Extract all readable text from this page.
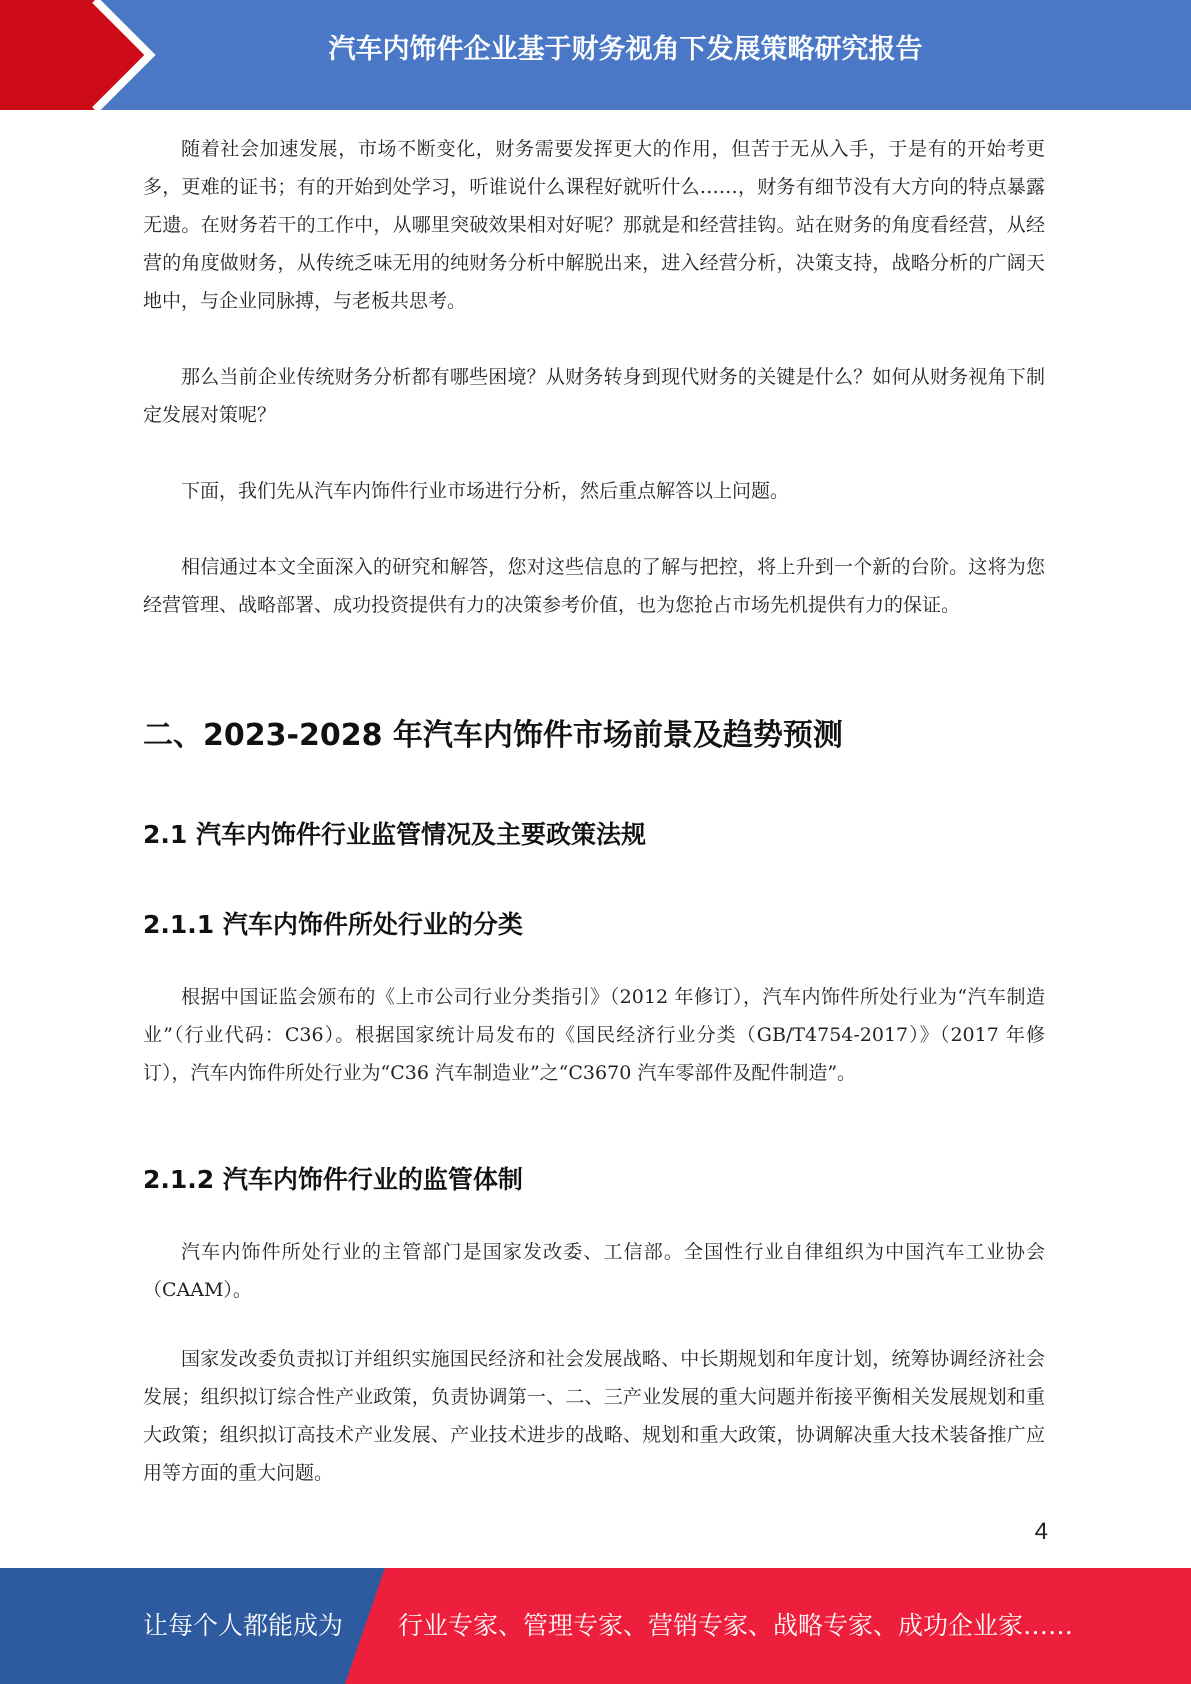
汽车内饰件企业基于财务视角下发展策略研究报告

随着社会加速发展，市场不断变化，财务需要发挥更大的作用，但苦于无从入手，于是有的开始考更多，更难的证书；有的开始到处学习，听谁说什么课程好就听什么……，财务有细节没有大方向的特点暴露无遗。在财务若干的工作中，从哪里突破效果相对好呢？那就是和经营挂钩。站在财务的角度看经营，从经营的角度做财务，从传统乏味无用的纯财务分析中解脱出来，进入经营分析，决策支持，战略分析的广阔天地中，与企业同脉搏，与老板共思考。

那么当前企业传统财务分析都有哪些困境？从财务转身到现代财务的关键是什么？如何从财务视角下制定发展对策呢？

下面，我们先从汽车内饰件行业市场进行分析，然后重点解答以上问题。

相信通过本文全面深入的研究和解答，您对这些信息的了解与把控，将上升到一个新的台阶。这将为您经营管理、战略部署、成功投资提供有力的决策参考价值，也为您抢占市场先机提供有力的保证。

二、2023-2028 年汽车内饰件市场前景及趋势预测
2.1 汽车内饰件行业监管情况及主要政策法规
2.1.1 汽车内饰件所处行业的分类

根据中国证监会颁布的《上市公司行业分类指引》（2012 年修订），汽车内饰件所处行业为“汽车制造业”（行业代码：C36）。根据国家统计局发布的《国民经济行业分类（GB/T4754-2017）》（2017 年修订），汽车内饰件所处行业为“C36 汽车制造业”之“C3670 汽车零部件及配件制造”。

2.1.2 汽车内饰件行业的监管体制

汽车内饰件所处行业的主管部门是国家发改委、工信部。全国性行业自律组织为中国汽车工业协会（CAAM）。

国家发改委负责拟订并组织实施国民经济和社会发展战略、中长期规划和年度计划，统筹协调经济社会发展；组织拟订综合性产业政策，负责协调第一、二、三产业发展的重大问题并衔接平衡相关发展规划和重大政策；组织拟订高技术产业发展、产业技术进步的战略、规划和重大政策，协调解决重大技术装备推广应用等方面的重大问题。

4
让每个人都能成为 行业专家、管理专家、营销专家、战略专家、成功企业家……
